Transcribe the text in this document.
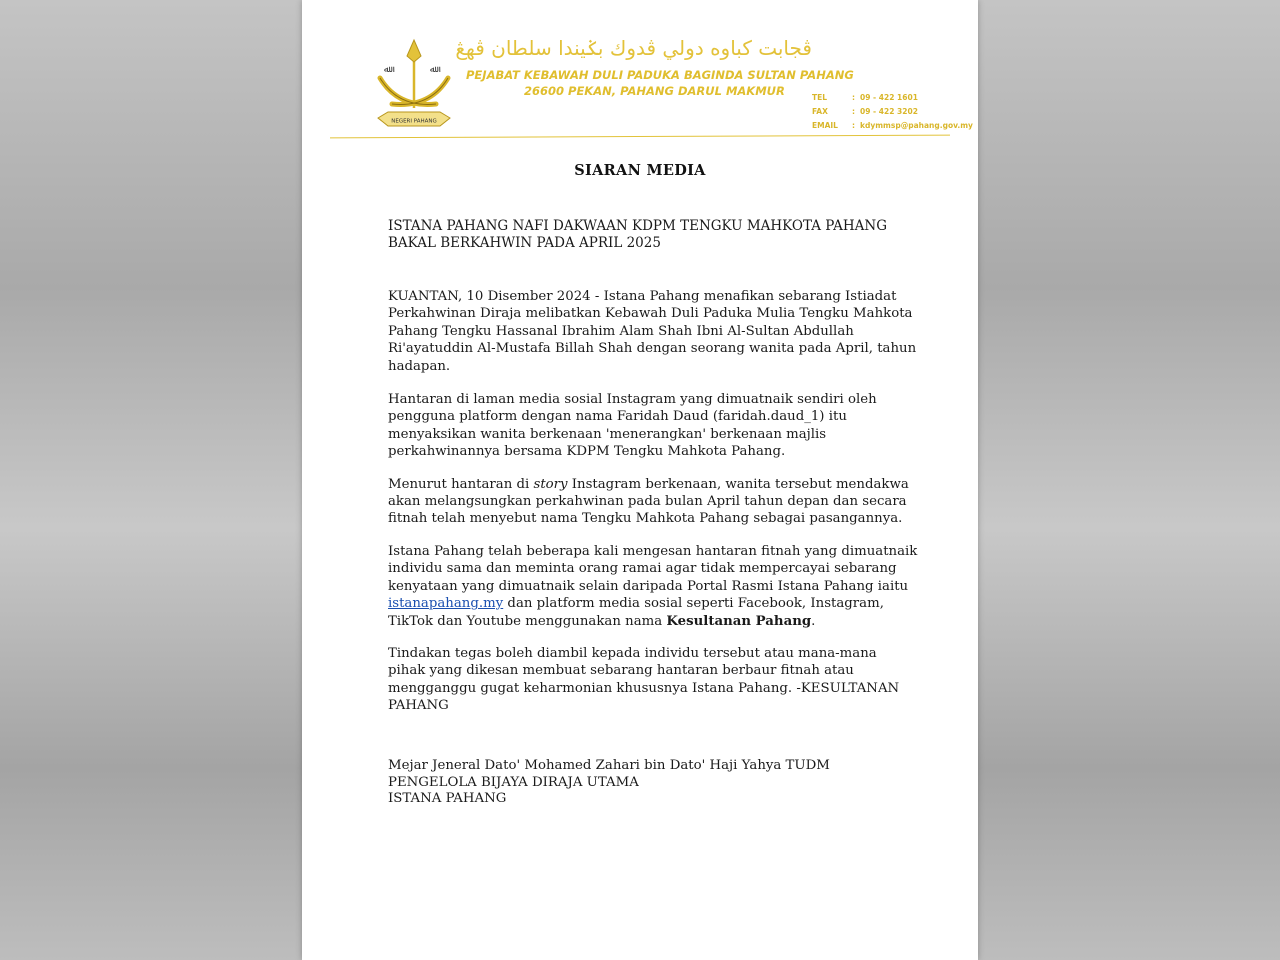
ﷲ	ﷲ
NEGERI PAHANG
ڤجابت كباوه دولي ڤدوك بݢيندا سلطان ڤهڠ
PEJABAT KEBAWAH DULI PADUKA BAGINDA SULTAN PAHANG
26600 PEKAN, PAHANG DARUL MAKMUR	TEL	: 09 - 422 1601
FAX	: 09 - 422 3202
EMAIL	: kdymmsp@pahang.gov.my
SIARAN MEDIA
ISTANA PAHANG NAFI DAKWAAN KDPM TENGKU MAHKOTA PAHANG
BAKAL BERKAHWIN PADA APRIL 2025

KUANTAN, 10 Disember 2024 - Istana Pahang menafikan sebarang Istiadat Perkahwinan Diraja melibatkan Kebawah Duli Paduka Mulia Tengku Mahkota Pahang Tengku Hassanal Ibrahim Alam Shah Ibni Al-Sultan Abdullah Ri'ayatuddin Al-Mustafa Billah Shah dengan seorang wanita pada April, tahun hadapan.

Hantaran di laman media sosial Instagram yang dimuatnaik sendiri oleh pengguna platform dengan nama Faridah Daud (faridah.daud_1) itu menyaksikan wanita berkenaan 'menerangkan' berkenaan majlis perkahwinannya bersama KDPM Tengku Mahkota Pahang.

Menurut hantaran di story Instagram berkenaan, wanita tersebut mendakwa akan melangsungkan perkahwinan pada bulan April tahun depan dan secara fitnah telah menyebut nama Tengku Mahkota Pahang sebagai pasangannya.

Istana Pahang telah beberapa kali mengesan hantaran fitnah yang dimuatnaik individu sama dan meminta orang ramai agar tidak mempercayai sebarang kenyataan yang dimuatnaik selain daripada Portal Rasmi Istana Pahang iaitu istanapahang.my dan platform media sosial seperti Facebook, Instagram, TikTok dan Youtube menggunakan nama Kesultanan Pahang.

Tindakan tegas boleh diambil kepada individu tersebut atau mana-mana pihak yang dikesan membuat sebarang hantaran berbaur fitnah atau mengganggu gugat keharmonian khususnya Istana Pahang. -KESULTANAN PAHANG

Mejar Jeneral Dato' Mohamed Zahari bin Dato' Haji Yahya TUDM
PENGELOLA BIJAYA DIRAJA UTAMA
ISTANA PAHANG
